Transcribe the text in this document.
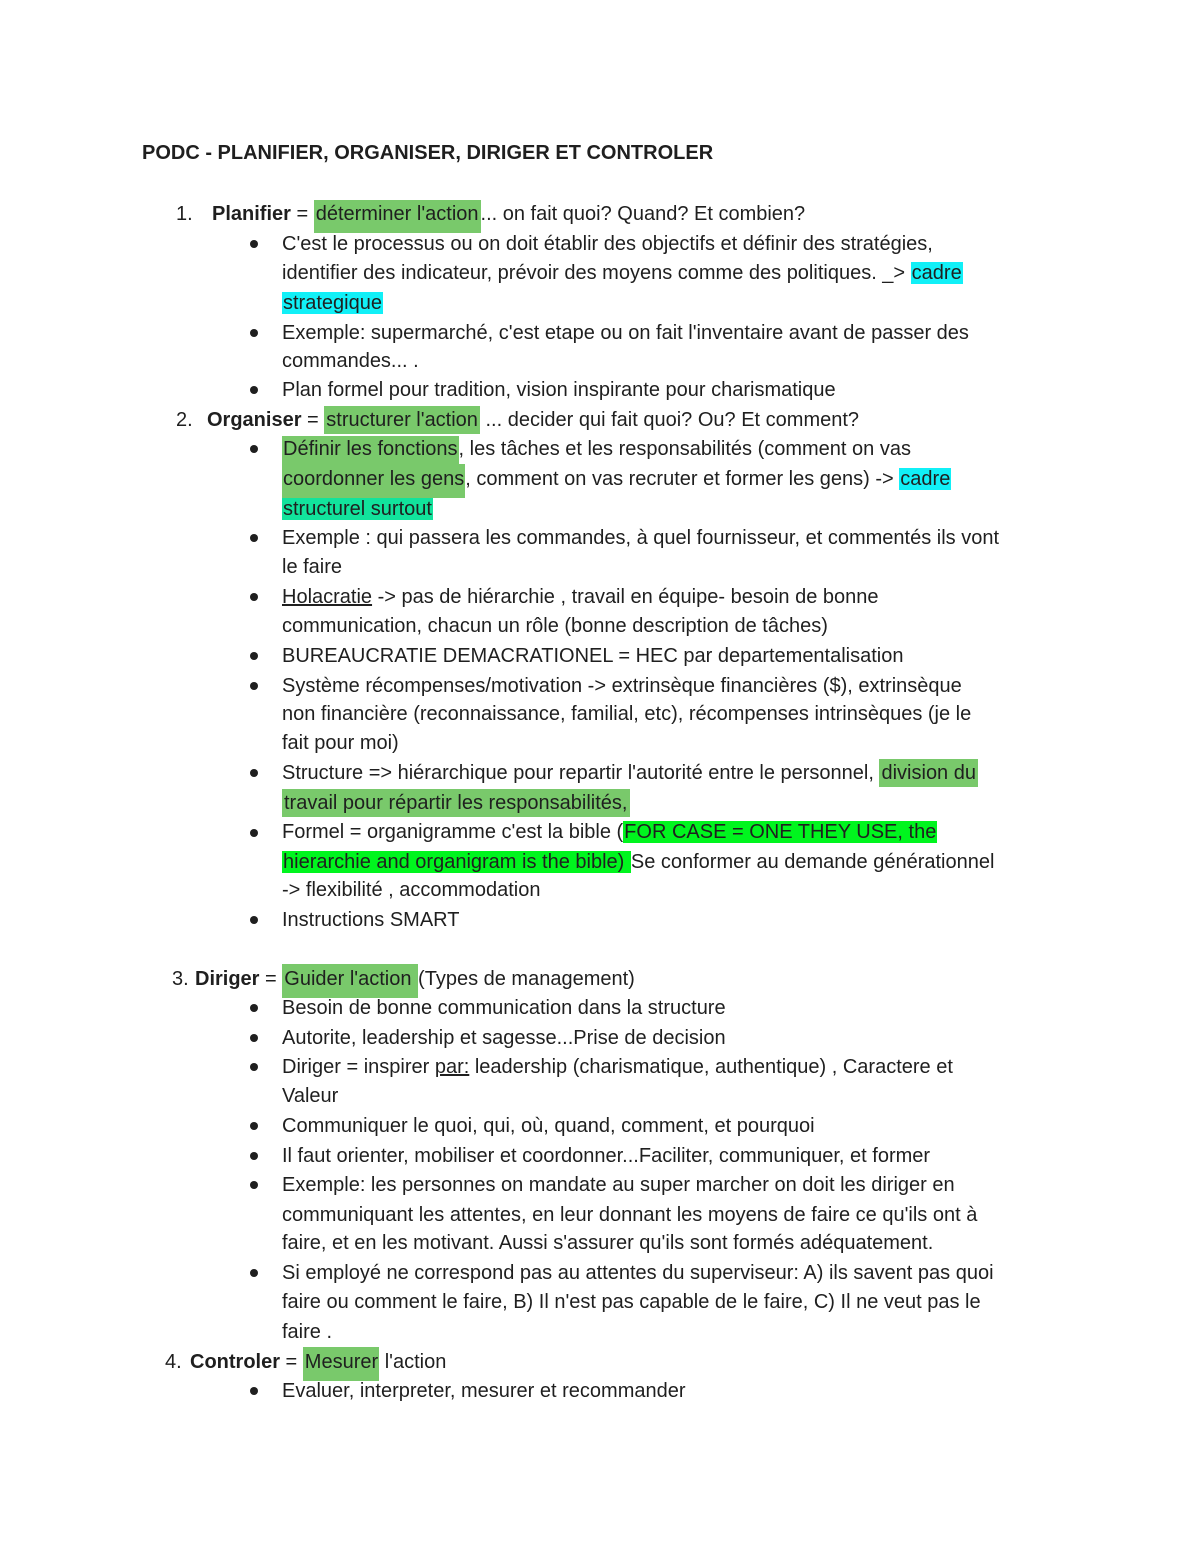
PODC - PLANIFIER, ORGANISER, DIRIGER ET CONTROLER
1. Planifier = déterminer l'action ... on fait quoi? Quand? Et combien?
C'est le processus ou on doit établir des objectifs et définir des stratégies,
identifier des indicateur, prévoir des moyens comme des politiques. _> cadre
strategique
Exemple: supermarché, c'est etape ou on fait l'inventaire avant de passer des
commandes... .
Plan formel pour tradition, vision inspirante pour charismatique
2. Organiser = structurer l'action ... decider qui fait quoi? Ou? Et comment?
Définir les fonctions, les tâches et les responsabilités (comment on vas
coordonner les gens, comment on vas recruter et former les gens) -> cadre
structurel surtout
Exemple : qui passera les commandes, à quel fournisseur, et commentés ils vont
le faire
Holacratie -> pas de hiérarchie , travail en équipe- besoin de bonne
communication, chacun un rôle (bonne description de tâches)
BUREAUCRATIE DEMACRATIONEL = HEC par departementalisation
Système récompenses/motivation -> extrinsèque financières ($), extrinsèque
non financière (reconnaissance, familial, etc), récompenses intrinsèques (je le
fait pour moi)
Structure => hiérarchique pour repartir l'autorité entre le personnel, division du
travail pour répartir les responsabilités,
Formel = organigramme c'est la bible (FOR CASE = ONE THEY USE, the
hierarchie and organigram is the bible) Se conformer au demande générationnel
-> flexibilité , accommodation
Instructions SMART
3. Diriger = Guider l'action (Types de management)
Besoin de bonne communication dans la structure
Autorite, leadership et sagesse...Prise de decision
Diriger = inspirer par: leadership (charismatique, authentique) , Caractere et
Valeur
Communiquer le quoi, qui, où, quand, comment, et pourquoi
Il faut orienter, mobiliser et coordonner...Faciliter, communiquer, et former
Exemple: les personnes on mandate au super marcher on doit les diriger en
communiquant les attentes, en leur donnant les moyens de faire ce qu'ils ont à
faire, et en les motivant. Aussi s'assurer qu'ils sont formés adéquatement.
Si employé ne correspond pas au attentes du superviseur: A) ils savent pas quoi
faire ou comment le faire, B) Il n'est pas capable de le faire, C) Il ne veut pas le
faire .
4. Controler = Mesurer l'action
Evaluer, interpreter, mesurer et recommander
